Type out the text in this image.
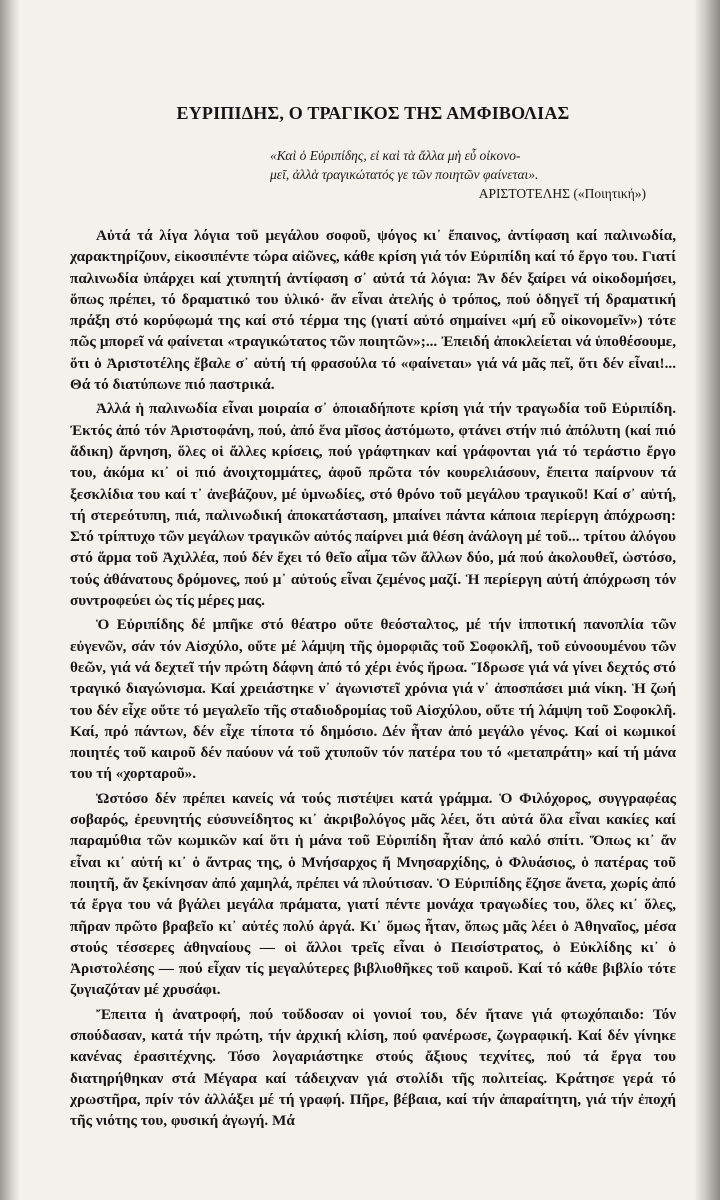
ΕΥΡΙΠΙΔΗΣ, Ο ΤΡΑΓΙΚΟΣ ΤΗΣ ΑΜΦΙΒΟΛΙΑΣ
«Καὶ ὁ Εὐριπίδης, εἰ καὶ τὰ ἄλλα μὴ εὖ οἰκονο-
μεῖ, ἀλλὰ τραγικώτατός γε τῶν ποιητῶν φαίνεται».
ΑΡΙΣΤΟΤΕΛΗΣ («Ποιητική»)

Αὐτά τά λίγα λόγια τοῦ μεγάλου σοφοῦ, ψόγος κι᾿ ἔπαινος, ἀντίφαση καί παλινωδία, χαρακτηρίζουν, εἰκοσιπέντε τώρα αἰῶνες, κάθε κρίση γιά τόν Εὐριπίδη καί τό ἔργο του. Γιατί παλινωδία ὑπάρχει καί χτυπητή ἀντίφαση σ᾿ αὐτά τά λόγια: Ἄν δέν ξαίρει νά οἰκοδομήσει, ὅπως πρέπει, τό δραματικό του ὑλικό· ἄν εἶναι ἀτελής ὁ τρόπος, πού ὁδηγεῖ τή δραματική πράξη στό κορύφωμά της καί στό τέρμα της (γιατί αὐτό σημαίνει «μή εὖ οἰκονομεῖν») τότε πῶς μπορεῖ νά φαίνεται «τραγικώτατος τῶν ποιητῶν»;... Ἐπειδή ἀποκλείεται νά ὑποθέσουμε, ὅτι ὁ Ἀριστοτέλης ἔβαλε σ᾿ αὐτή τή φρασούλα τό «φαίνεται» γιά νά μᾶς πεῖ, ὅτι δέν εἶναι!... Θά τό διατύπωνε πιό παστρικά.

Ἀλλά ἡ παλινωδία εἶναι μοιραία σ᾿ ὁποιαδήποτε κρίση γιά τήν τραγωδία τοῦ Εὐριπίδη. Ἐκτός ἀπό τόν Ἀριστοφάνη, πού, ἀπό ἕνα μῖσος ἀστόμωτο, φτάνει στήν πιό ἀπόλυτη (καί πιό ἄδικη) ἄρνηση, ὅλες οἱ ἄλλες κρίσεις, πού γράφτηκαν καί γράφονται γιά τό τεράστιο ἔργο του, ἀκόμα κι᾿ οἱ πιό ἀνοιχτομμάτες, ἀφοῦ πρῶτα τόν κουρελιάσουν, ἔπειτα παίρνουν τά ξεσκλίδια του καί τ᾿ ἀνεβάζουν, μέ ὑμνωδίες, στό θρόνο τοῦ μεγάλου τραγικοῦ! Καί σ᾿ αὐτή, τή στερεότυπη, πιά, παλινωδική ἀποκατάσταση, μπαίνει πάντα κάποια περίεργη ἀπόχρωση: Στό τρίπτυχο τῶν μεγάλων τραγικῶν αὐτός παίρνει μιά θέση ἀνάλογη μέ τοῦ... τρίτου ἀλόγου στό ἅρμα τοῦ Ἀχιλλέα, πού δέν ἔχει τό θεῖο αἷμα τῶν ἄλλων δύο, μά πού ἀκολουθεῖ, ὡστόσο, τούς ἀθάνατους δρόμονες, πού μ᾿ αὐτούς εἶναι ζεμένος μαζί. Ἡ περίεργη αὐτή ἀπόχρωση τόν συντροφεύει ὡς τίς μέρες μας.

Ὁ Εὐριπίδης δέ μπῆκε στό θέατρο οὔτε θεόσταλτος, μέ τήν ἱπποτική πανοπλία τῶν εὐγενῶν, σάν τόν Αἰσχύλο, οὔτε μέ λάμψη τῆς ὁμορφιᾶς τοῦ Σοφοκλῆ, τοῦ εὐνοουμένου τῶν θεῶν, γιά νά δεχτεῖ τήν πρώτη δάφνη ἀπό τό χέρι ἑνός ἥρωα. Ἵδρωσε γιά νά γίνει δεχτός στό τραγικό διαγώνισμα. Καί χρειάστηκε ν᾿ ἀγωνιστεῖ χρόνια γιά ν᾿ ἀποσπάσει μιά νίκη. Ἡ ζωή του δέν εἶχε οὔτε τό μεγαλεῖο τῆς σταδιοδρομίας τοῦ Αἰσχύλου, οὔτε τή λάμψη τοῦ Σοφοκλῆ. Καί, πρό πάντων, δέν εἶχε τίποτα τό δημόσιο. Δέν ἦταν ἀπό μεγάλο γένος. Καί οἱ κωμικοί ποιητές τοῦ καιροῦ δέν παύουν νά τοῦ χτυποῦν τόν πατέρα του τό «μεταπράτη» καί τή μάνα του τή «χορταροῦ».

Ὡστόσο δέν πρέπει κανείς νά τούς πιστέψει κατά γράμμα. Ὁ Φιλόχορος, συγγραφέας σοβαρός, ἐρευνητής εὐσυνείδητος κι᾿ ἀκριβολόγος μᾶς λέει, ὅτι αὐτά ὅλα εἶναι κακίες καί παραμύθια τῶν κωμικῶν καί ὅτι ἡ μάνα τοῦ Εὐριπίδη ἦταν ἀπό καλό σπίτι. Ὅπως κι᾿ ἄν εἶναι κι᾿ αὐτή κι᾿ ὁ ἄντρας της, ὁ Μνήσαρχος ἤ Μνησαρχίδης, ὁ Φλυάσιος, ὁ πατέρας τοῦ ποιητῆ, ἄν ξεκίνησαν ἀπό χαμηλά, πρέπει νά πλούτισαν. Ὁ Εὐριπίδης ἔζησε ἄνετα, χωρίς ἀπό τά ἔργα του νά βγάλει μεγάλα πράματα, γιατί πέντε μονάχα τραγωδίες του, ὅλες κι᾿ ὅλες, πῆραν πρῶτο βραβεῖο κι᾿ αὐτές πολύ ἀργά. Κι᾿ ὅμως ἦταν, ὅπως μᾶς λέει ὁ Ἀθηναῖος, μέσα στούς τέσσερες ἀθηναίους — οἱ ἄλλοι τρεῖς εἶναι ὁ Πεισίστρατος, ὁ Εὐκλίδης κι᾿ ὁ Ἀριστολέσης — πού εἶχαν τίς μεγαλύτερες βιβλιοθῆκες τοῦ καιροῦ. Καί τό κάθε βιβλίο τότε ζυγιαζόταν μέ χρυσάφι.

Ἔπειτα ἡ ἀνατροφή, πού τοὔδοσαν οἱ γονιοί του, δέν ἤτανε γιά φτωχόπαιδο: Τόν σπούδασαν, κατά τήν πρώτη, τήν ἀρχική κλίση, πού φανέρωσε, ζωγραφική. Καί δέν γίνηκε κανένας ἐρασιτέχνης. Τόσο λογαριάστηκε στούς ἄξιους τεχνίτες, πού τά ἔργα του διατηρήθηκαν στά Μέγαρα καί τάδειχναν γιά στολίδι τῆς πολιτείας. Κράτησε γερά τό χρωστῆρα, πρίν τόν ἀλλάξει μέ τή γραφή. Πῆρε, βέβαια, καί τήν ἀπαραίτητη, γιά τήν ἐποχή τῆς νιότης του, φυσική ἀγωγή. Μά
